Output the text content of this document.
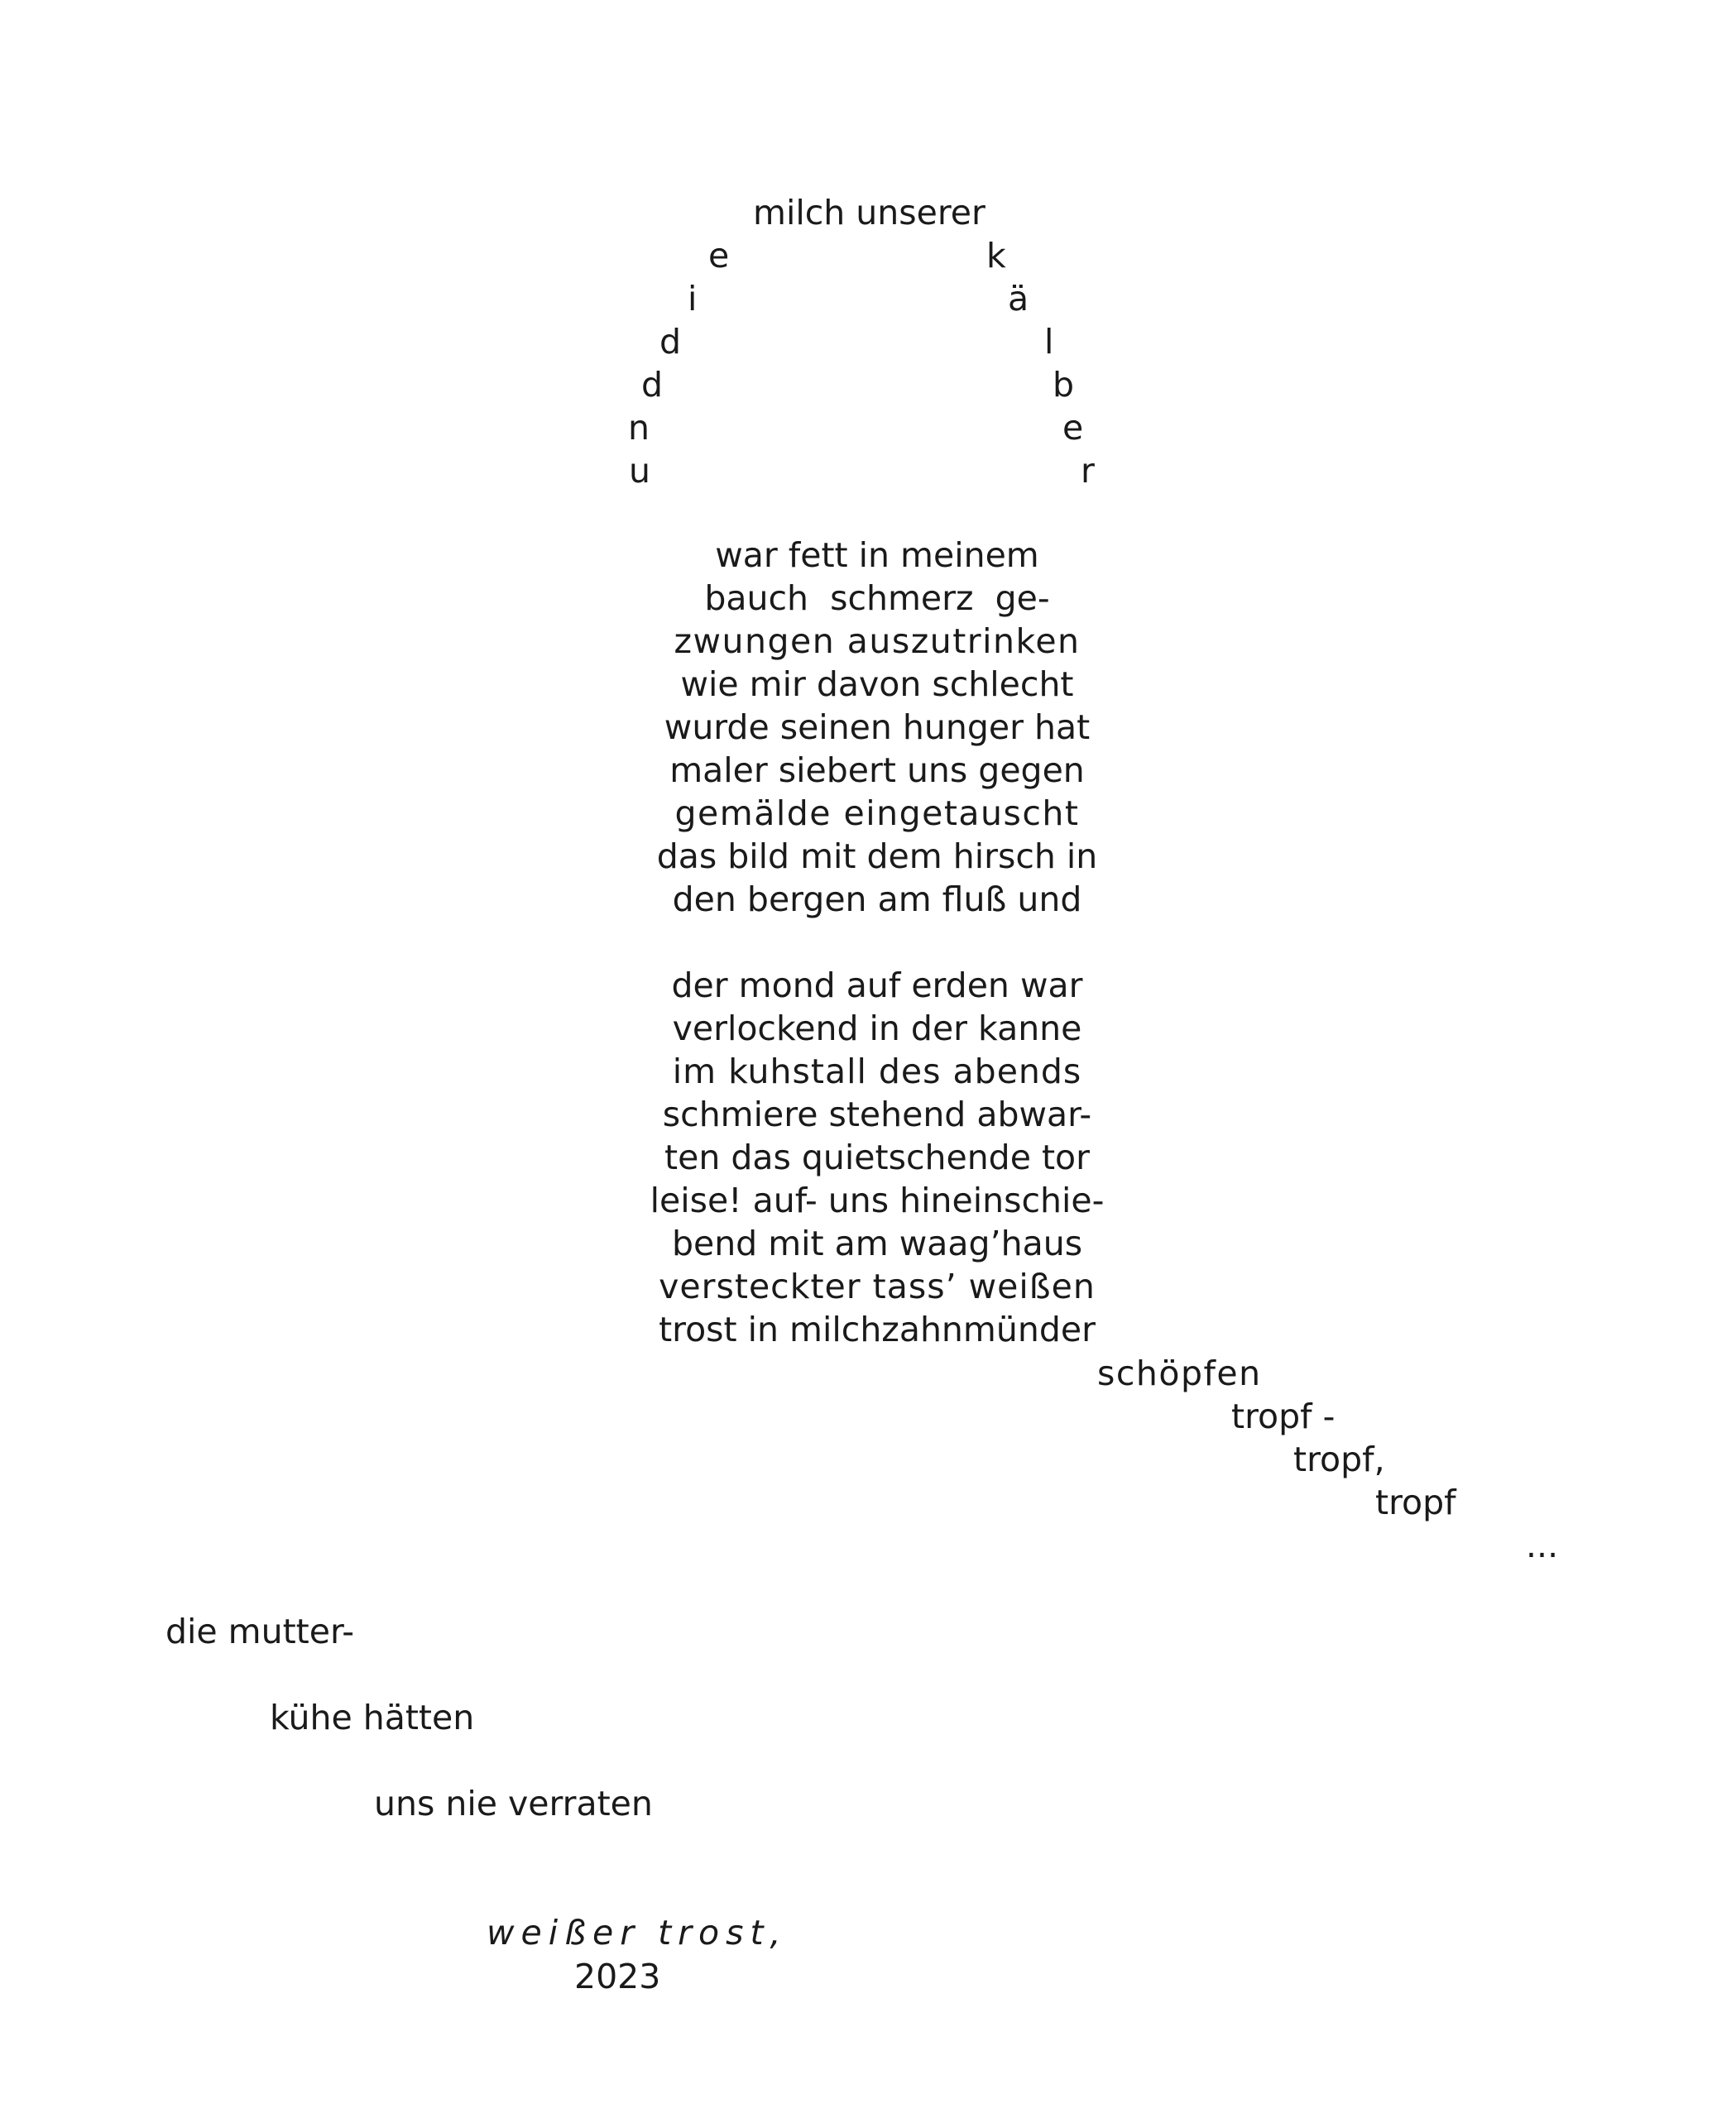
milch unserer
e
i
d
d
n
u
k
ä
l
b
e
r
war fett in meinem
bauch  schmerz  ge-
zwungen auszutrinken
wie mir davon schlecht
wurde seinen hunger hat
maler siebert uns gegen
gemälde eingetauscht
das bild mit dem hirsch in
den bergen am fluß und
der mond auf erden war
verlockend in der kanne
im kuhstall des abends
schmiere stehend abwar-
ten das quietschende tor
leise! auf- uns hineinschie-
bend mit am waag’haus
versteckter tass’ weißen
trost in milchzahnmünder
schöpfen
tropf -
tropf,
tropf
...
die mutter-
kühe hätten
uns nie verraten
weißer trost,
2023
